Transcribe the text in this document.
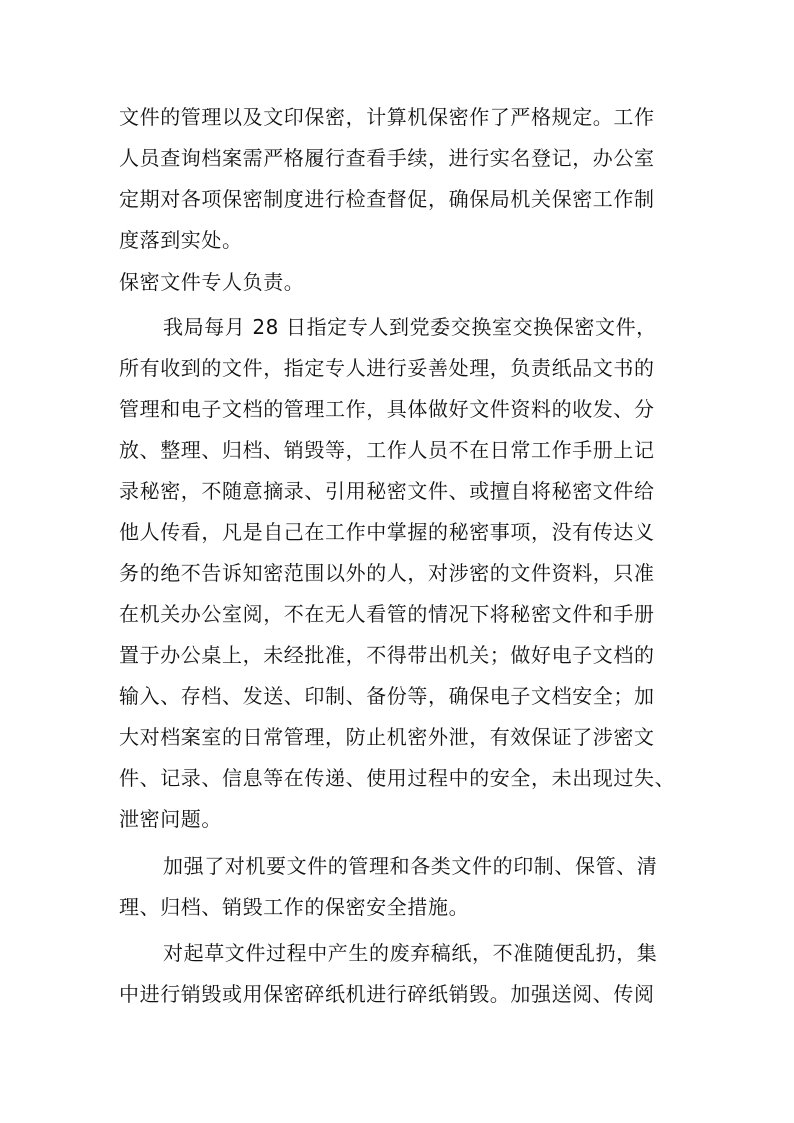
文件的管理以及文印保密，计算机保密作了严格规定。工作
人员查询档案需严格履行查看手续，进行实名登记，办公室
定期对各项保密制度进行检查督促，确保局机关保密工作制
度落到实处。
保密文件专人负责。
我局每月 28 日指定专人到党委交换室交换保密文件，
所有收到的文件，指定专人进行妥善处理，负责纸品文书的
管理和电子文档的管理工作，具体做好文件资料的收发、分
放、整理、归档、销毁等，工作人员不在日常工作手册上记
录秘密，不随意摘录、引用秘密文件、或擅自将秘密文件给
他人传看，凡是自己在工作中掌握的秘密事项，没有传达义
务的绝不告诉知密范围以外的人，对涉密的文件资料，只准
在机关办公室阅，不在无人看管的情况下将秘密文件和手册
置于办公桌上，未经批准，不得带出机关；做好电子文档的
输入、存档、发送、印制、备份等，确保电子文档安全；加
大对档案室的日常管理，防止机密外泄，有效保证了涉密文
件、记录、信息等在传递、使用过程中的安全，未出现过失、
泄密问题。
加强了对机要文件的管理和各类文件的印制、保管、清
理、归档、销毁工作的保密安全措施。
对起草文件过程中产生的废弃稿纸，不准随便乱扔，集
中进行销毁或用保密碎纸机进行碎纸销毁。加强送阅、传阅
